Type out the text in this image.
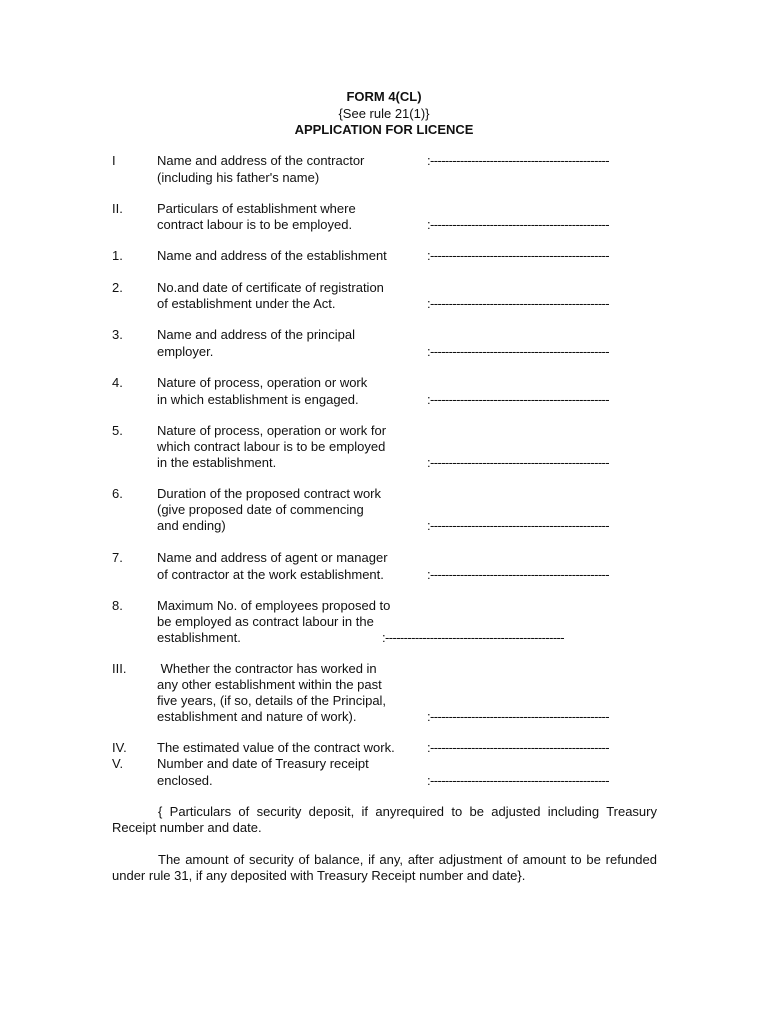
FORM 4(CL)
{See rule 21(1)}
APPLICATION FOR LICENCE
I	Name and address of the contractor
(including his father's name)
:------------------------------------------------
II.	Particulars of establishment where
contract labour is to be employed.	:------------------------------------------------
1.	Name and address of the establishment	:------------------------------------------------
2.	No.and date of certificate of registration
of establishment under the Act.	:------------------------------------------------
3.	Name and address of the principal
employer.	:------------------------------------------------
4.	Nature of process, operation or work
in which establishment is engaged.	:------------------------------------------------
5.	Nature of process, operation or work for
which contract labour is to be employed
in the establishment.	:------------------------------------------------
6.	Duration of the proposed contract work
(give proposed date of commencing
and ending)	:------------------------------------------------
7.	Name and address of agent or manager
of contractor at the work establishment.	:------------------------------------------------
8.	Maximum No. of employees proposed to
be employed as contract labour in the
establishment.	:------------------------------------------------
III. Whether the contractor has worked in
any other establishment within the past
five years, (if so, details of the Principal,
establishment and nature of work).	:------------------------------------------------
IV. The estimated value of the contract work. :------------------------------------------------
V.	Number and date of Treasury receipt
enclosed.	:------------------------------------------------
{ Particulars of security deposit, if anyrequired to be adjusted including Treasury Receipt number and date.
The amount of security of balance, if any, after adjustment of amount to be refunded under rule 31, if any deposited with Treasury Receipt number and date}.
